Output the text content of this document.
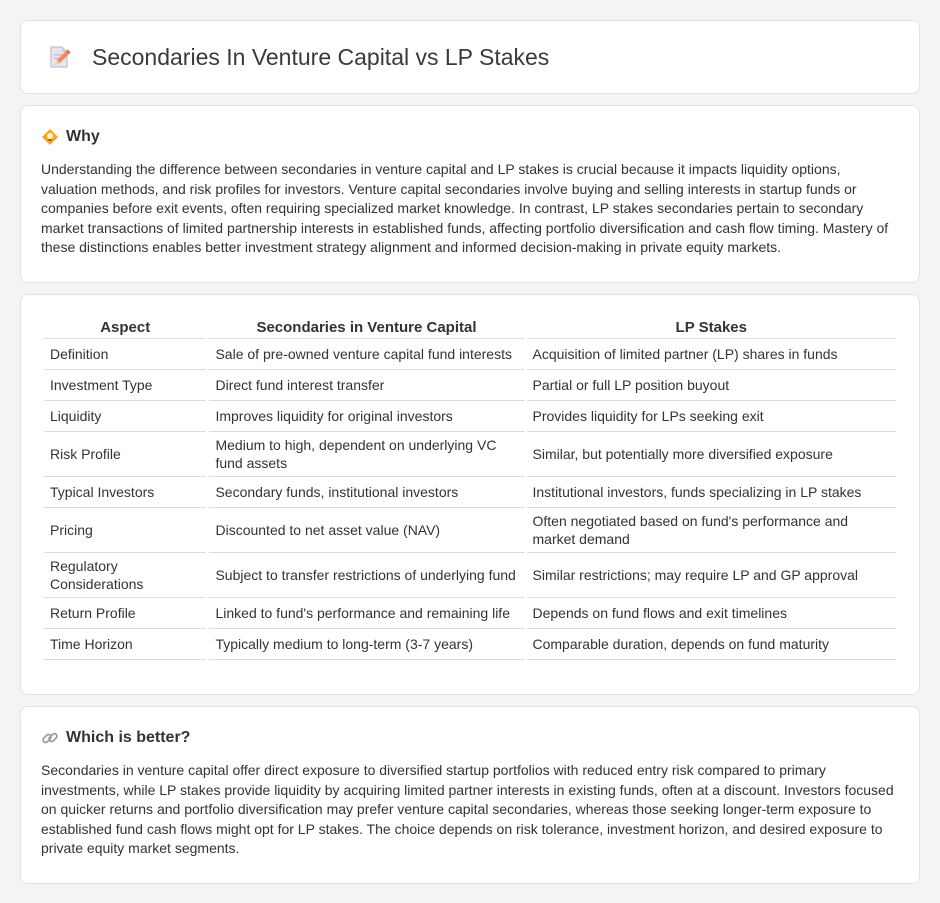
Secondaries In Venture Capital vs LP Stakes
Why

Understanding the difference between secondaries in venture capital and LP stakes is crucial because it impacts liquidity options, valuation methods, and risk profiles for investors. Venture capital secondaries involve buying and selling interests in startup funds or companies before exit events, often requiring specialized market knowledge. In contrast, LP stakes secondaries pertain to secondary market transactions of limited partnership interests in established funds, affecting portfolio diversification and cash flow timing. Mastery of these distinctions enables better investment strategy alignment and informed decision-making in private equity markets.

Aspect	Secondaries in Venture Capital	LP Stakes
Definition	Sale of pre-owned venture capital fund interests	Acquisition of limited partner (LP) shares in funds
Investment Type	Direct fund interest transfer	Partial or full LP position buyout
Liquidity	Improves liquidity for original investors	Provides liquidity for LPs seeking exit
Risk Profile	Medium to high, dependent on underlying VC fund assets	Similar, but potentially more diversified exposure
Typical Investors	Secondary funds, institutional investors	Institutional investors, funds specializing in LP stakes
Pricing	Discounted to net asset value (NAV)	Often negotiated based on fund's performance and market demand
Regulatory Considerations	Subject to transfer restrictions of underlying fund	Similar restrictions; may require LP and GP approval
Return Profile	Linked to fund's performance and remaining life	Depends on fund flows and exit timelines
Time Horizon	Typically medium to long-term (3-7 years)	Comparable duration, depends on fund maturity
Which is better?

Secondaries in venture capital offer direct exposure to diversified startup portfolios with reduced entry risk compared to primary investments, while LP stakes provide liquidity by acquiring limited partner interests in existing funds, often at a discount. Investors focused on quicker returns and portfolio diversification may prefer venture capital secondaries, whereas those seeking longer-term exposure to established fund cash flows might opt for LP stakes. The choice depends on risk tolerance, investment horizon, and desired exposure to private equity market segments.
